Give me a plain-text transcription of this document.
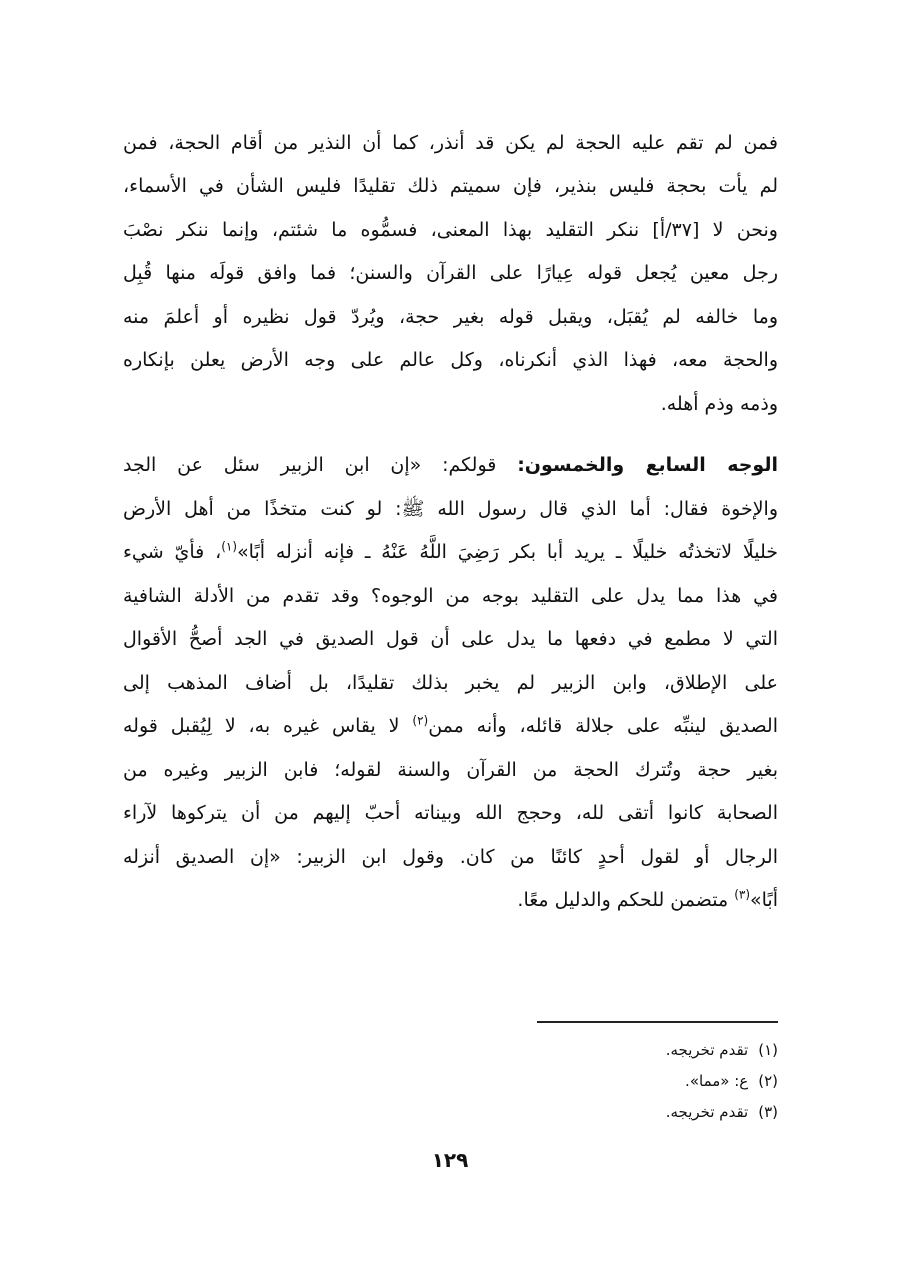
فمن لم تقم عليه الحجة لم يكن قد أنذر، كما أن النذير من أقام الحجة، فمن
لم يأت بحجة فليس بنذير، فإن سميتم ذلك تقليدًا فليس الشأن في الأسماء،
ونحن لا [٣٧/أ] ننكر التقليد بهذا المعنى، فسمُّوه ما شئتم، وإنما ننكر نصْبَ
رجل معين يُجعل قوله عِيارًا على القرآن والسنن؛ فما وافق قولَه منها قُبِل
وما خالفه لم يُقبَل، ويقبل قوله بغير حجة، ويُردّ قول نظيره أو أعلمَ منه
والحجة معه، فهذا الذي أنكرناه، وكل عالم على وجه الأرض يعلن بإنكاره
وذمه وذم أهله.
الوجه السابع والخمسون: قولكم: «إن ابن الزبير سئل عن الجد
والإخوة فقال: أما الذي قال رسول الله ﷺ: لو كنت متخذًا من أهل الأرض
خليلًا لاتخذتُه خليلًا ـ يريد أبا بكر رَضِيَ اللَّهُ عَنْهُ ـ فإنه أنزله أبًا»$^{(١)}$، فأيّ شيء
في هذا مما يدل على التقليد بوجه من الوجوه؟ وقد تقدم من الأدلة الشافية
التي لا مطمع في دفعها ما يدل على أن قول الصديق في الجد أصحُّ الأقوال
على الإطلاق، وابن الزبير لم يخبر بذلك تقليدًا، بل أضاف المذهب إلى
الصديق لينبِّه على جلالة قائله، وأنه ممن$^{(٢)}$ لا يقاس غيره به، لا لِيُقبل قوله
بغير حجة وتُترك الحجة من القرآن والسنة لقوله؛ فابن الزبير وغيره من
الصحابة كانوا أتقى لله، وحجج الله وبيناته أحبّ إليهم من أن يتركوها لآراء
الرجال أو لقول أحدٍ كائنًا من كان. وقول ابن الزبير: «إن الصديق أنزله
أبًا»$^{(٣)}$ متضمن للحكم والدليل معًا.
(١)تقدم تخريجه.
(٢)ع: «مما».
(٣)تقدم تخريجه.
١٢٩
